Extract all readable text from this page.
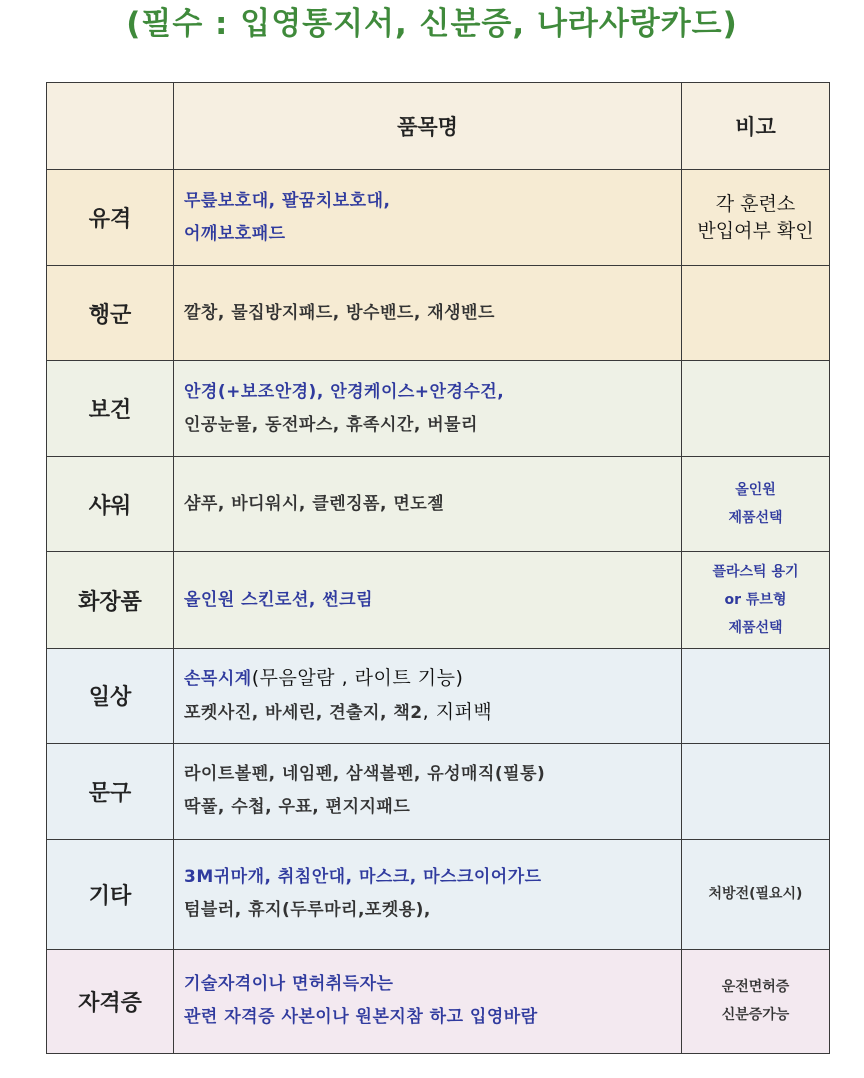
(필수 : 입영통지서, 신분증, 나라사랑카드)
	품목명	비고
유격	무릎보호대, 팔꿈치보호대,
어깨보호패드	각 훈련소
반입여부 확인

행군	깔창, 물집방지패드, 방수밴드, 재생밴드	

보건	안경(+보조안경), 안경케이스+안경수건,
인공눈물, 동전파스, 휴족시간, 버물리	

샤워	샴푸, 바디워시, 클렌징폼, 면도젤	올인원
제품선택

화장품	올인원 스킨로션, 썬크림	플라스틱 용기
or 튜브형
제품선택

일상	손목시계(무음알람 , 라이트 기능)
포켓사진, 바세린, 견출지, 책2, 지퍼백	

문구	라이트볼펜, 네임펜, 삼색볼펜, 유성매직(필통)
딱풀, 수첩, 우표, 편지지패드	

기타	3M귀마개, 취침안대, 마스크, 마스크이어가드
텀블러, 휴지(두루마리,포켓용),	처방전(필요시)

자격증	기술자격이나 면허취득자는
관련 자격증 사본이나 원본지참 하고 입영바람	운전면허증
신분증가능
